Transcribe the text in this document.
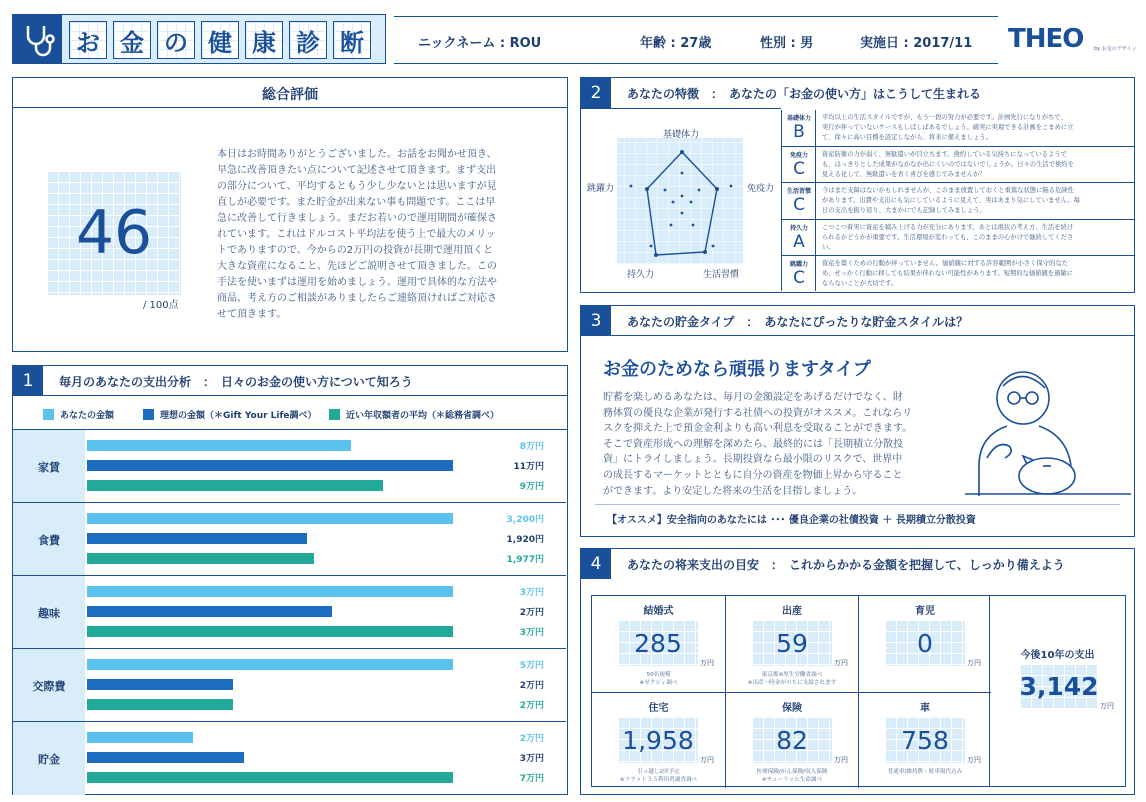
お 金 の 健 康 診 断	ニックネーム : ROU	年齢 : 27歳	性別 : 男	実施日 : 2017/11 THEO by お金のデザイン
総合評価
46
/ 100点
本日はお時間ありがとうございました。お話をお聞かせ頂き、
早急に改善頂きたい点について記述させて頂きます。まず支出
の部分について、平均するともう少し少ないとは思いますが見
直しが必要です。また貯金が出来ない事も問題です。ここは早
急に改善して行きましょう。まだお若いので運用期間が確保さ
れています。これはドルコスト平均法を使う上で最大のメリッ
トでありますので、今からの2万円の投資が長期で運用頂くと
大きな資産になること、先ほどご説明させて頂きました。この
手法を使いまずは運用を始めましょう。運用で具体的な方法や
商品、考え方のご相談がありましたらご連絡頂ければご対応さ
せて頂きます。
1	毎月のあなたの支出分析　：　日々のお金の使い方について知ろう
あなたの金額	理想の金額（＊Gift Your Life調べ）	近い年収額者の平均（＊総務省調べ）
家賃
8万円
11万円
9万円
食費
3,200円
1,920円
1,977円
趣味
3万円
2万円
3万円
交際費
5万円
2万円
2万円
貯金
2万円
3万円
7万円
2	あなたの特徴　：　あなたの「お金の使い方」はこうして生まれる
基礎体力
免疫力
生活習慣
持久力
跳躍力
基礎体力
B
平均以上の生活スタイルですが、もう一段の努力が必要です。計画先行になりがちで、
実行が伴っていないケースもしばしばあるでしょう。確実に実現できる計画をこまめに立
て、徐々に高い目標を設定しながら、将来に備えましょう。
免疫力
C
資産防衛の力が弱く、無駄遣いが目立ちます。倹約している気持ちになっているようで
も、はっきりとした成果がなかなか出にくいのではないでしょうか。日々の生活で倹約を
見える化して、無駄遣いを省く喜びを感じてみませんか？
生活習慣
C
今はまだ支障はないかもしれませんが、このまま放置しておくと重篤な状態に陥る危険性
があります。出費や支出にも気にしているように見えて、実はあまり気にしていません。毎
日の支出を振り返り、大まかにでも記録してみましょう。
持久力
A
こつこつ着実に資産を積み上げる力が充分にあります。あとは現状の考え方、生活を続け
られるかどうかが重要です。生活環境が変わっても、このままの心がけで継続してくださ
い。
跳躍力
C
資産を築くための行動が伴っていません。価値観に対する許容範囲が小さく保守的なた
め、せっかく行動に移しても結果が伴わない可能性があります。短期的な価値観を過敏に
ならないことが大切です。
3	あなたの貯金タイプ　：　あなたにぴったりな貯金スタイルは？
お金のためなら頑張りますタイプ
貯蓄を楽しめるあなたは、毎月の金額設定をあげるだけでなく、財
務体質の優良な企業が発行する社債への投資がオススメ。これならリ
スクを抑えた上で預金金利よりも高い利息を受取ることができます。
そこで資産形成への理解を深めたら、最終的には「長期積立分散投
資」にトライしましょう。長期投資なら最小限のリスクで、世界中
の成長するマーケットとともに自分の資産を物価上昇から守ること
ができます。より安定した将来の生活を目指しましょう。
【オススメ】安全指向のあなたには ･･･ 優良企業の社債投資 ＋ 長期積立分散投資
4	あなたの将来支出の目安　：　これからかかる金額を把握して、しっかり備えよう
結婚式
285
万円
50名規模
※ゼクシィ調べ
出産
59
万円
東京都※厚生労働省調べ
※出産一時金がのちに支給されます
育児
0
万円
住宅
1,958
万円
引っ越し2回予定
※フラット３５利用者調査調べ
保険
82
万円
医療保険/がん保険/収入保険
※チューリッヒ生命調べ
車
758
万円
普通車/維持費・駐車場代込み
今後10年の支出
3,142
万円
